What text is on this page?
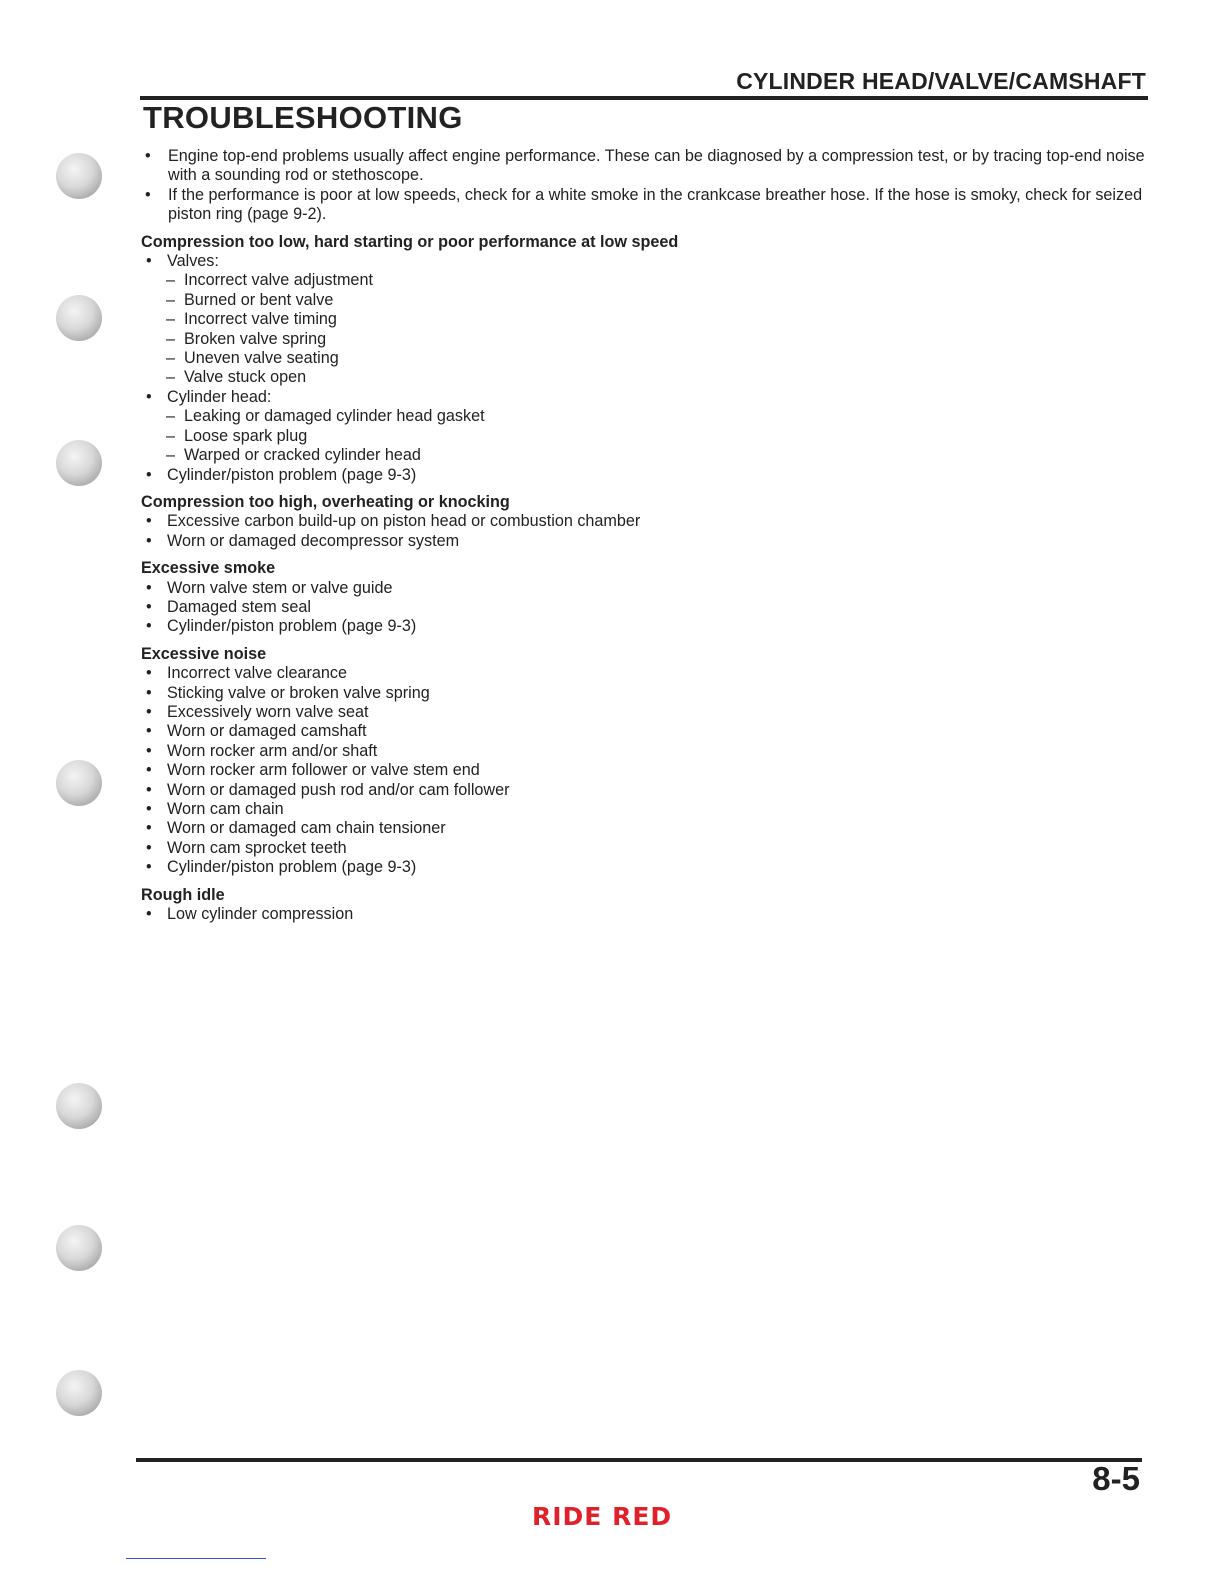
CYLINDER HEAD/VALVE/CAMSHAFT
TROUBLESHOOTING
• Engine top-end problems usually affect engine performance. These can be diagnosed by a compression test, or by tracing top-end noise with a sounding rod or stethoscope.
• If the performance is poor at low speeds, check for a white smoke in the crankcase breather hose. If the hose is smoky, check for seized piston ring (page 9-2).
Compression too low, hard starting or poor performance at low speed
• Valves:
– Incorrect valve adjustment
– Burned or bent valve
– Incorrect valve timing
– Broken valve spring
– Uneven valve seating
– Valve stuck open
• Cylinder head:
– Leaking or damaged cylinder head gasket
– Loose spark plug
– Warped or cracked cylinder head
• Cylinder/piston problem (page 9-3)
Compression too high, overheating or knocking
• Excessive carbon build-up on piston head or combustion chamber
• Worn or damaged decompressor system
Excessive smoke
• Worn valve stem or valve guide
• Damaged stem seal
• Cylinder/piston problem (page 9-3)
Excessive noise
• Incorrect valve clearance
• Sticking valve or broken valve spring
• Excessively worn valve seat
• Worn or damaged camshaft
• Worn rocker arm and/or shaft
• Worn rocker arm follower or valve stem end
• Worn or damaged push rod and/or cam follower
• Worn cam chain
• Worn or damaged cam chain tensioner
• Worn cam sprocket teeth
• Cylinder/piston problem (page 9-3)
Rough idle
• Low cylinder compression
8-5
RIDE RED
